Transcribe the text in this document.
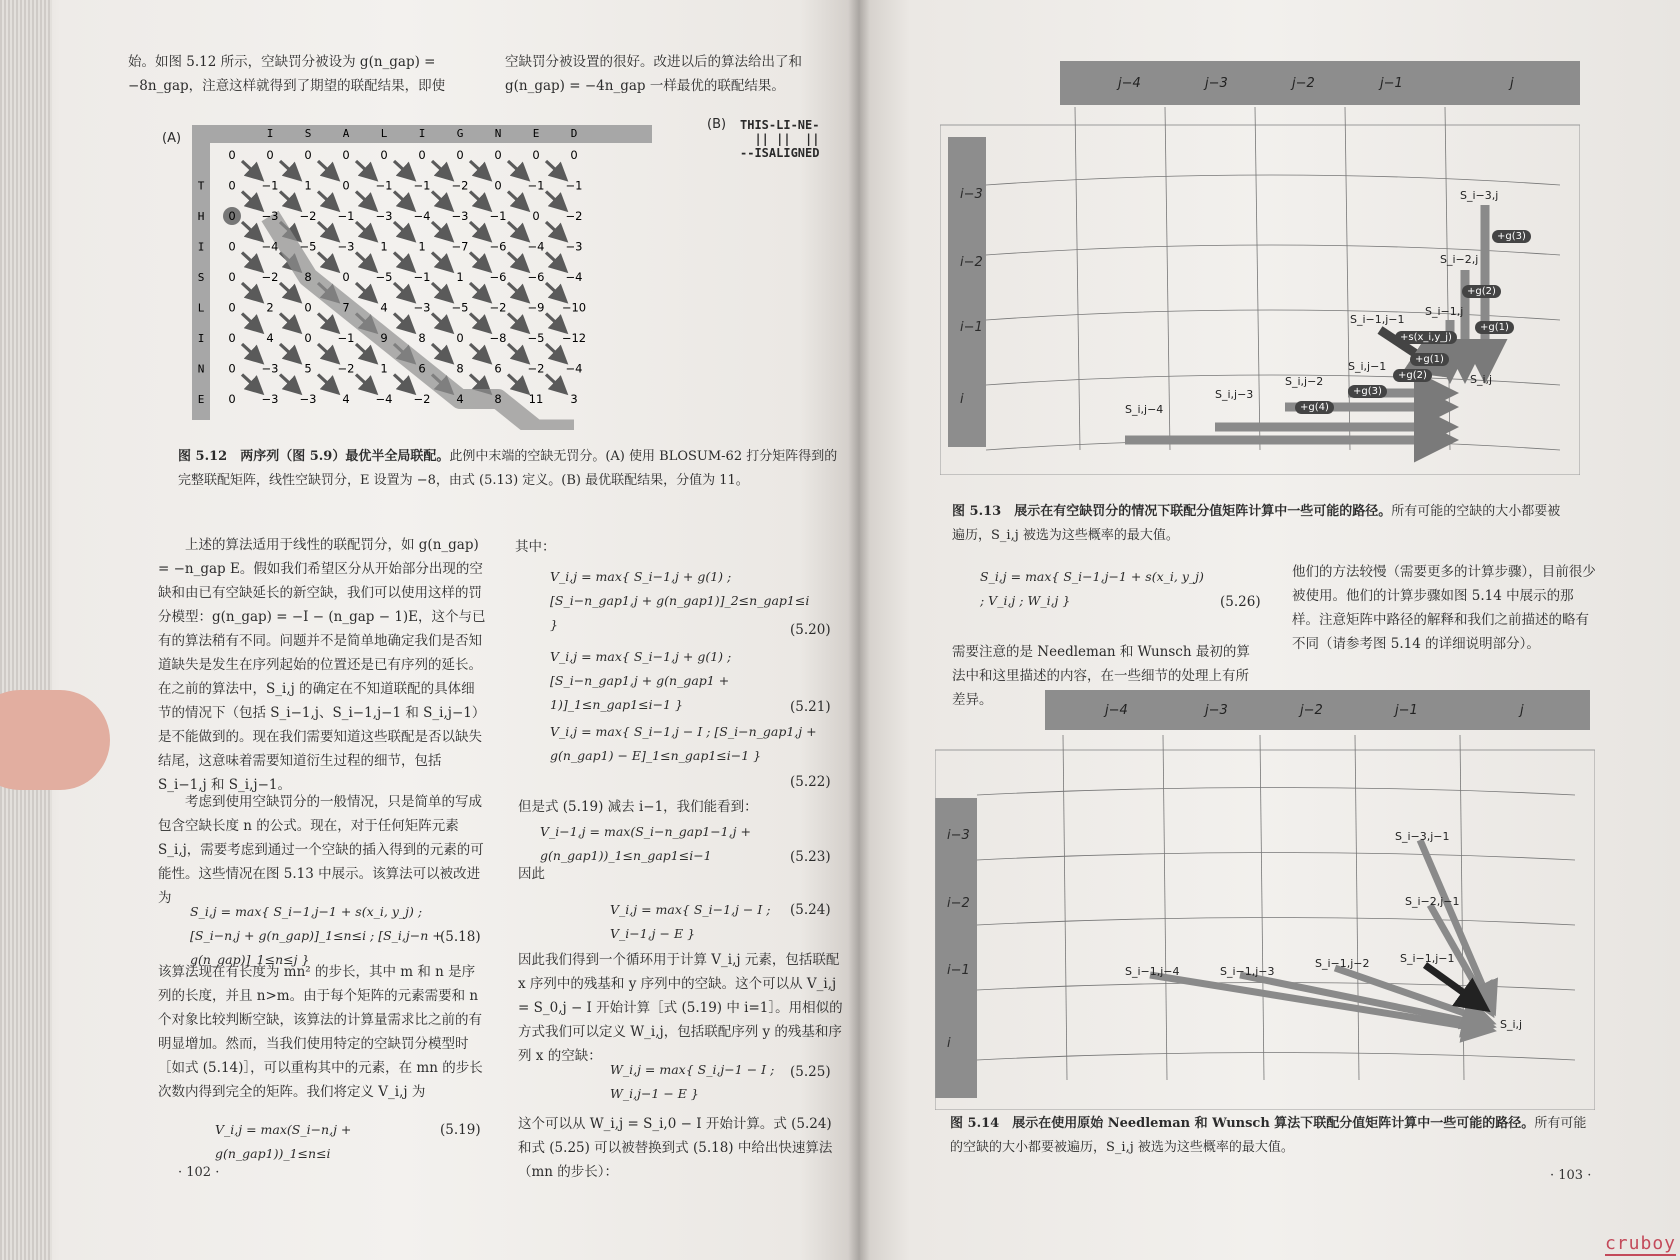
始。如图 5.12 所示，空缺罚分被设为 g(n_gap) = −8n_gap，注意这样就得到了期望的联配结果，即使
空缺罚分被设置的很好。改进以后的算法给出了和 g(n_gap) = −4n_gap 一样最优的联配结果。
(A)
(B)
I	S	A	L	I	G	N	E	D
T
H
I
S
L
I
N
E
0	0	0	0	0	0	0	0	0	0
0 −1 1	0 −1 −1 −2 0 −1 −1
0 −3 −2 −1 −3 −4 −3 −1 0 −2
0 −4 −5 −3 1	1 −7 −6 −4 −3
0 −2 8	0 −5 −1 1 −6 −6 −4
0	2	0	7	4 −3 −5 −2 −9 −10
0	4	0 −1 9	8	0 −8 −5 −12
0 −3 5 −2 1	6	8	6 −2 −4
0 −3 −3 4 −4 −2 4	8 11 3
THIS-LI-NE-
|| ||  ||
--ISALIGNED
图 5.12　两序列（图 5.9）最优半全局联配。此例中末端的空缺无罚分。(A) 使用 BLOSUM-62 打分矩阵得到的完整联配矩阵，线性空缺罚分，E 设置为 −8，由式 (5.13) 定义。(B) 最优联配结果，分值为 11。
上述的算法适用于线性的联配罚分，如 g(n_gap) = −n_gap E。假如我们希望区分从开始部分出现的空缺和由已有空缺延长的新空缺，我们可以使用这样的罚分模型：g(n_gap) = −I − (n_gap − 1)E，这个与已有的算法稍有不同。问题并不是简单地确定我们是否知道缺失是发生在序列起始的位置还是已有序列的延长。在之前的算法中，S_i,j 的确定在不知道联配的具体细节的情况下（包括 S_i−1,j、S_i−1,j−1 和 S_i,j−1）是不能做到的。现在我们需要知道这些联配是否以缺失结尾，这意味着需要知道衍生过程的细节，包括 S_i−1,j 和 S_i,j−1。
考虑到使用空缺罚分的一般情况，只是简单的写成包含空缺长度 n 的公式。现在，对于任何矩阵元素 S_i,j，需要考虑到通过一个空缺的插入得到的元素的可能性。这些情况在图 5.13 中展示。该算法可以被改进为
S_i,j = max{ S_i−1,j−1 + s(x_i, y_j) ; [S_i−n,j + g(n_gap)]_1≤n≤i ; [S_i,j−n + g(n_gap)]_1≤n≤j }
(5.18)
该算法现在有长度为 mn² 的步长，其中 m 和 n 是序列的长度，并且 n>m。由于每个矩阵的元素需要和 n 个对象比较判断空缺，该算法的计算量需求比之前的有明显增加。然而，当我们使用特定的空缺罚分模型时［如式 (5.14)］，可以重构其中的元素，在 mn 的步长次数内得到完全的矩阵。我们将定义 V_i,j 为
V_i,j = max(S_i−n,j + g(n_gap1))_1≤n≤i
(5.19)
其中：
V_i,j = max{ S_i−1,j + g(1) ; [S_i−n_gap1,j + g(n_gap1)]_2≤n_gap1≤i }	(5.20)
V_i,j = max{ S_i−1,j + g(1) ; [S_i−n_gap1,j + g(n_gap1 + 1)]_1≤n_gap1≤i−1 }	(5.21)
V_i,j = max{ S_i−1,j − I ; [S_i−n_gap1,j + g(n_gap1) − E]_1≤n_gap1≤i−1 }
(5.22)
但是式 (5.19) 减去 i−1，我们能看到：
V_i−1,j = max(S_i−n_gap1−1,j + g(n_gap1))_1≤n_gap1≤i−1	(5.23)
因此
V_i,j = max{ S_i−1,j − I ; V_i−1,j − E }
(5.24)
因此我们得到一个循环用于计算 V_i,j 元素，包括联配 x 序列中的残基和 y 序列中的空缺。这个可以从 V_i,j = S_0,j − I 开始计算［式 (5.19) 中 i=1］。用相似的方式我们可以定义 W_i,j，包括联配序列 y 的残基和序列 x 的空缺：
W_i,j = max{ S_i,j−1 − I ; W_i,j−1 − E }
(5.25)
这个可以从 W_i,j = S_i,0 − I 开始计算。式 (5.24) 和式 (5.25) 可以被替换到式 (5.18) 中给出快速算法（mn 的步长）：
· 102 ·	· 103 ·
j−4	j−3	j−2	j−1	j
i−3
i−2
i−1
i
S_i−3,j
S_i−2,j
S_i−1,j
S_i−1,j−1
S_i,j−1
S_i,j−2
S_i,j−3
S_i,j−4
S_i,j
+g(3)
+g(2)
+g(1)
+s(x_i,y_j)
+g(1)
+g(2)
+g(3)
+g(4)
图 5.13　展示在有空缺罚分的情况下联配分值矩阵计算中一些可能的路径。所有可能的空缺的大小都要被遍历，S_i,j 被选为这些概率的最大值。
S_i,j = max{ S_i−1,j−1 + s(x_i, y_j) ; V_i,j ; W_i,j }	(5.26)
需要注意的是 Needleman 和 Wunsch 最初的算法中和这里描述的内容，在一些细节的处理上有所差异。
他们的方法较慢（需要更多的计算步骤），目前很少被使用。他们的计算步骤如图 5.14 中展示的那样。注意矩阵中路径的解释和我们之前描述的略有不同（请参考图 5.14 的详细说明部分）。
j−4	j−3	j−2	j−1	j
i−3
i−2
i−1
i
S_i−3,j−1
S_i−2,j−1
S_i−1,j−4	S_i−1,j−3
S_i−1,j−2	S_i−1,j−1
S_i,j
图 5.14　展示在使用原始 Needleman 和 Wunsch 算法下联配分值矩阵计算中一些可能的路径。所有可能的空缺的大小都要被遍历，S_i,j 被选为这些概率的最大值。
cruboy
